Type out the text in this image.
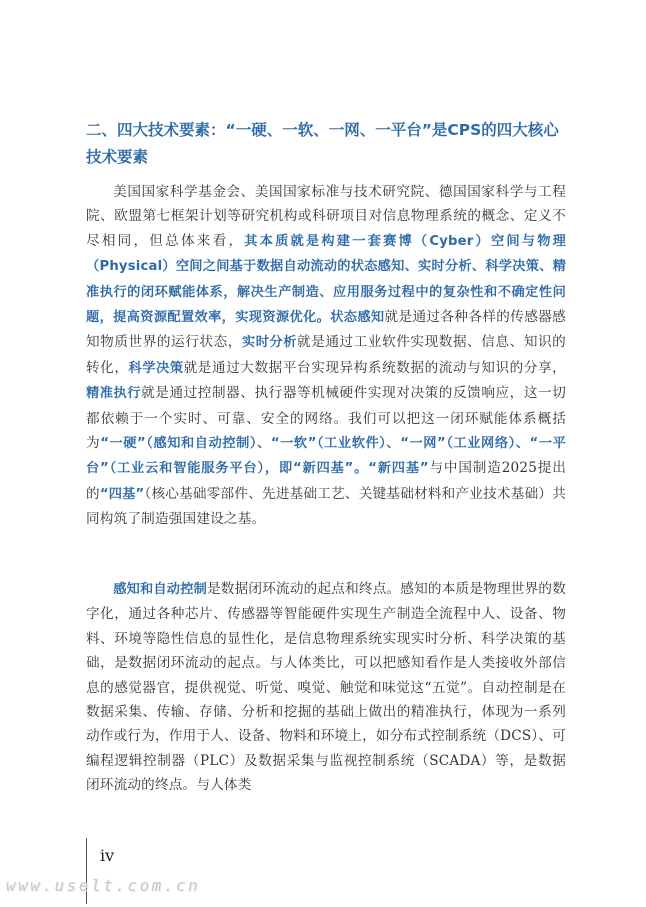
二、四大技术要素：“一硬、一软、一网、一平台”是CPS的四大核心技术要素

美国国家科学基金会、美国国家标准与技术研究院、德国国家科学与工程院、欧盟第七框架计划等研究机构或科研项目对信息物理系统的概念、定义不尽相同，但总体来看，其本质就是构建一套赛博（Cyber）空间与物理（Physical）空间之间基于数据自动流动的状态感知、实时分析、科学决策、精准执行的闭环赋能体系，解决生产制造、应用服务过程中的复杂性和不确定性问题，提高资源配置效率，实现资源优化。状态感知就是通过各种各样的传感器感知物质世界的运行状态，实时分析就是通过工业软件实现数据、信息、知识的转化，科学决策就是通过大数据平台实现异构系统数据的流动与知识的分享，精准执行就是通过控制器、执行器等机械硬件实现对决策的反馈响应，这一切都依赖于一个实时、可靠、安全的网络。我们可以把这一闭环赋能体系概括为“一硬”（感知和自动控制）、“一软”（工业软件）、“一网”（工业网络）、“一平台”（工业云和智能服务平台），即“新四基”。“新四基”与中国制造2025提出的“四基”（核心基础零部件、先进基础工艺、关键基础材料和产业技术基础）共同构筑了制造强国建设之基。

感知和自动控制是数据闭环流动的起点和终点。感知的本质是物理世界的数字化，通过各种芯片、传感器等智能硬件实现生产制造全流程中人、设备、物料、环境等隐性信息的显性化，是信息物理系统实现实时分析、科学决策的基础，是数据闭环流动的起点。与人体类比，可以把感知看作是人类接收外部信息的感觉器官，提供视觉、听觉、嗅觉、触觉和味觉这“五觉”。自动控制是在数据采集、传输、存储、分析和挖掘的基础上做出的精准执行，体现为一系列动作或行为，作用于人、设备、物料和环境上，如分布式控制系统（DCS）、可编程逻辑控制器（PLC）及数据采集与监视控制系统（SCADA）等，是数据闭环流动的终点。与人体类

iv
www.uselt.com.cn
